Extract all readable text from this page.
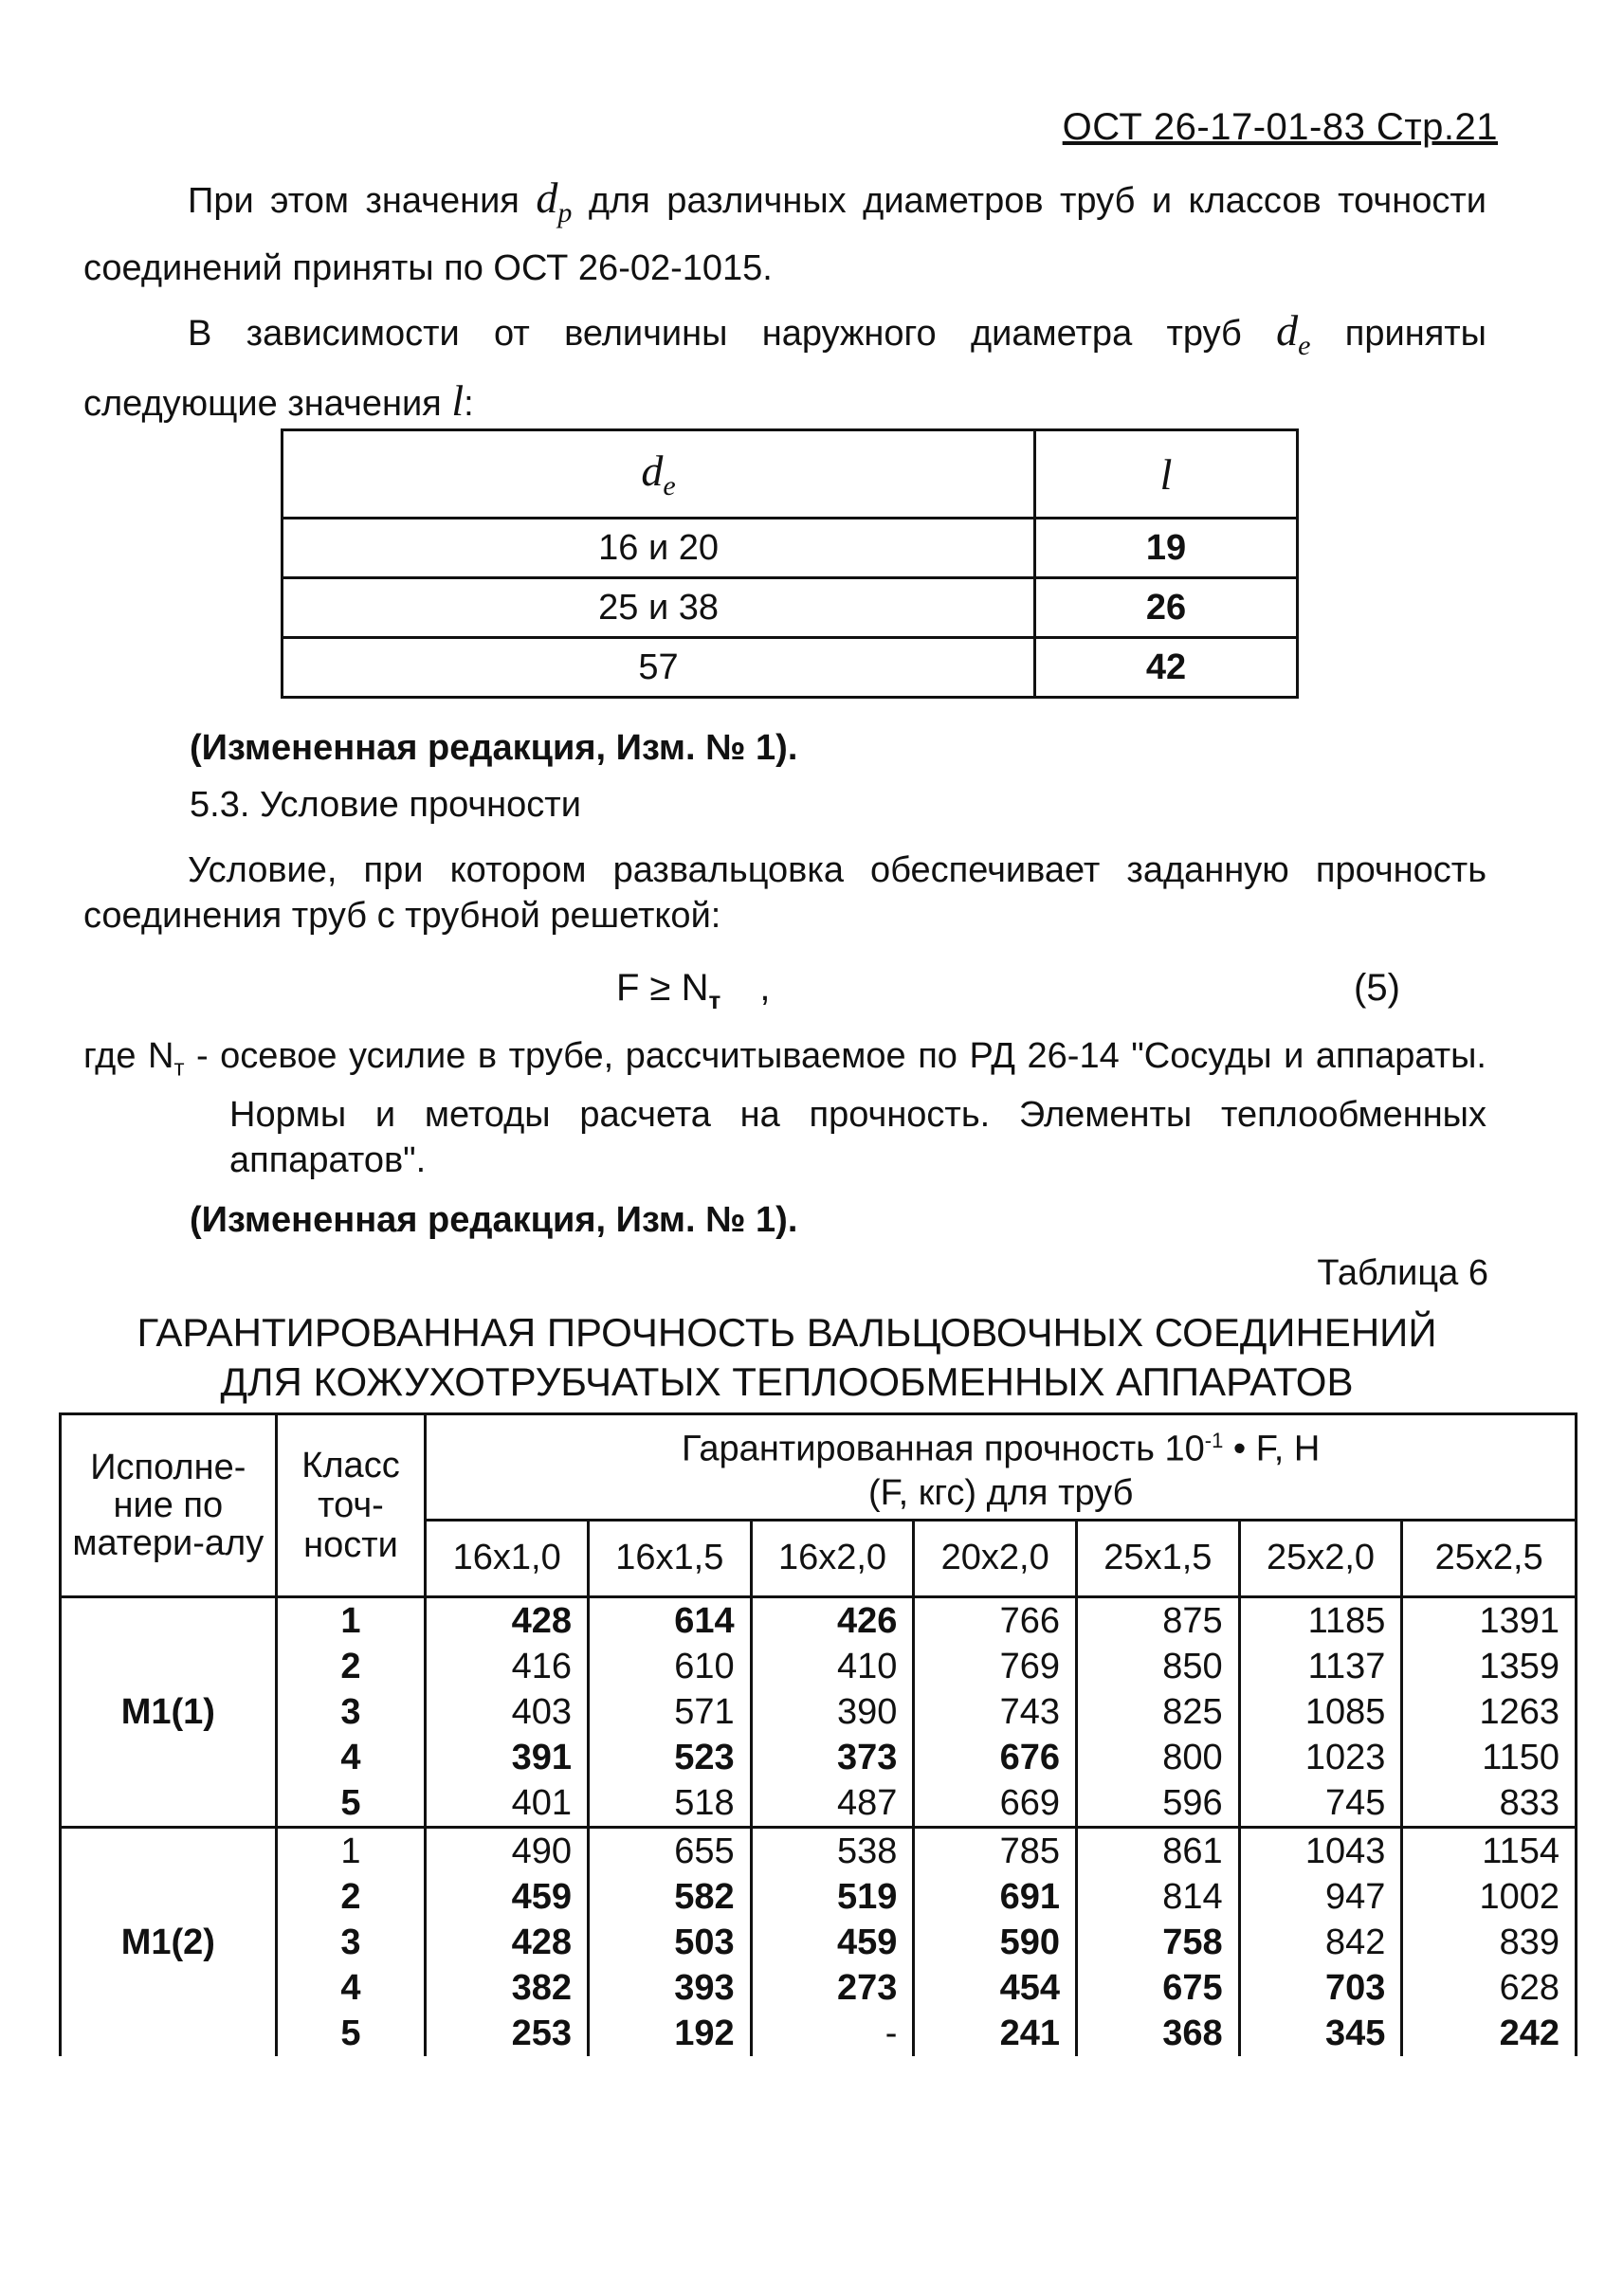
ОСТ 26-17-01-83 Стр.21
При этом значения $d_p$ для различных диаметров труб и классов точности соединений приняты по ОСТ 26-02-1015.
В зависимости от величины наружного диаметра труб $d_e$ приняты следующие значения l:
$d_e$	l
16 и 20	19
25 и 38	26
57	42
(Измененная редакция, Изм. № 1).
5.3. Условие прочности
Условие, при котором развальцовка обеспечивает заданную прочность соединения труб с трубной решеткой:
$F \ge N_т$ ,	(5)
где $N_т$ - осевое усилие в трубе, рассчитываемое по РД 26-14 "Сосуды и аппараты. Нормы и методы расчета на прочность. Элементы теплообменных аппаратов".
(Измененная редакция, Изм. № 1).
Таблица 6
ГАРАНТИРОВАННАЯ ПРОЧНОСТЬ ВАЛЬЦОВОЧНЫХ СОЕДИНЕНИЙ
ДЛЯ КОЖУХОТРУБЧАТЫХ ТЕПЛООБМЕННЫХ АППАРАТОВ
Исполне-ние по матери-алу	Класс точ-ности	Гарантированная прочность $10^{-1}$ • F, Н
(F, кгс) для труб						
		16x1,0	16x1,5	16x2,0	20x2,0	25x1,5	25x2,0	25x2,5
М1(1)	1	428	614	426	766	875	1185	1391
	2	416	610	410	769	850	1137	1359
	3	403	571	390	743	825	1085	1263
	4	391	523	373	676	800	1023	1150
	5	401	518	487	669	596	745	833
М1(2)	1	490	655	538	785	861	1043	1154
	2	459	582	519	691	814	947	1002
	3	428	503	459	590	758	842	839
	4	382	393	273	454	675	703	628
	5	253	192	-	241	368	345	242
